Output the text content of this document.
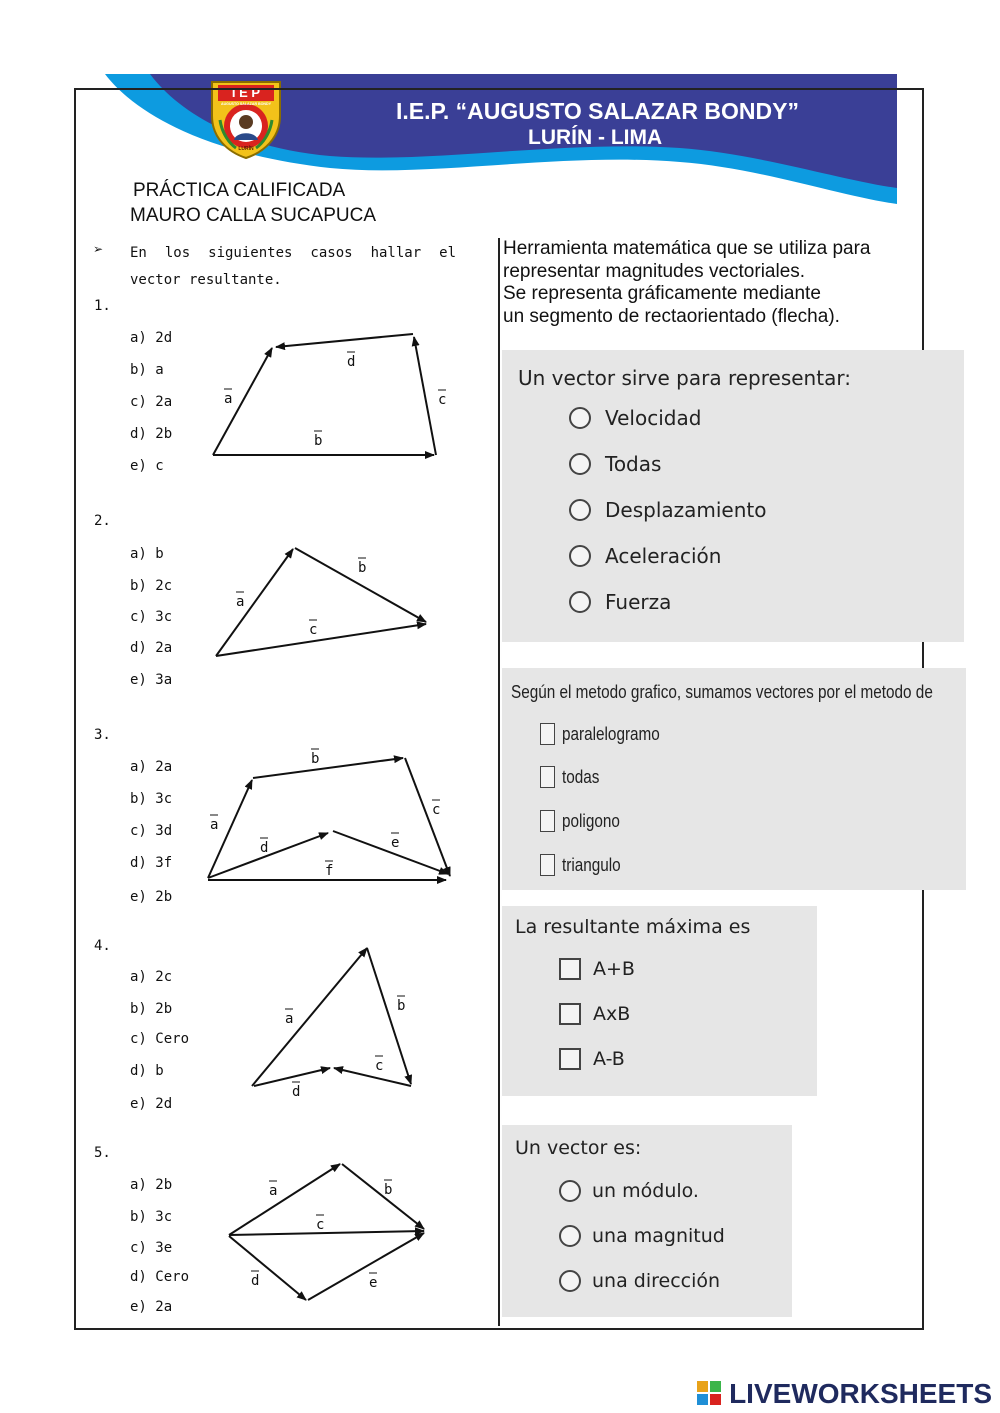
I E P
AUGUSTO SALAZAR BONDY
LURÍN
I.E.P. “AUGUSTO SALAZAR BONDY”
LURÍN - LIMA
PRÁCTICA CALIFICADA
MAURO CALLA SUCAPUCA
➢ En los siguientes casos hallar el vector resultante.
1.
a) 2d
b) a
c) 2a
d) 2b
e) c
2.
a) b
b) 2c
c) 3c
d) 2a
e) 3a
3.
a) 2a
b) 3c
c) 3d
d) 3f
e) 2b
4.
a) 2c
b) 2b
c) Cero
d) b
e) 2d
5.
a) 2b
b) 3c
c) 3e
d) Cero
e) 2a
a
d
c
b
a
b
c
a
b
c
d	e
f
a
b
c
d
a	b
c
d	e
Herramienta matemática que se utiliza para
representar magnitudes vectoriales.
Se representa gráficamente mediante
un segmento de rectaorientado (flecha).
Un vector sirve para representar:
Velocidad
Todas
Desplazamiento
Aceleración
Fuerza
Según el metodo grafico, sumamos vectores por el metodo de
paralelogramo
todas
poligono
triangulo
La resultante máxima es
A+B
AxB
A-B
Un vector es:
un módulo.
una magnitud
una dirección
LIVEWORKSHEETS
